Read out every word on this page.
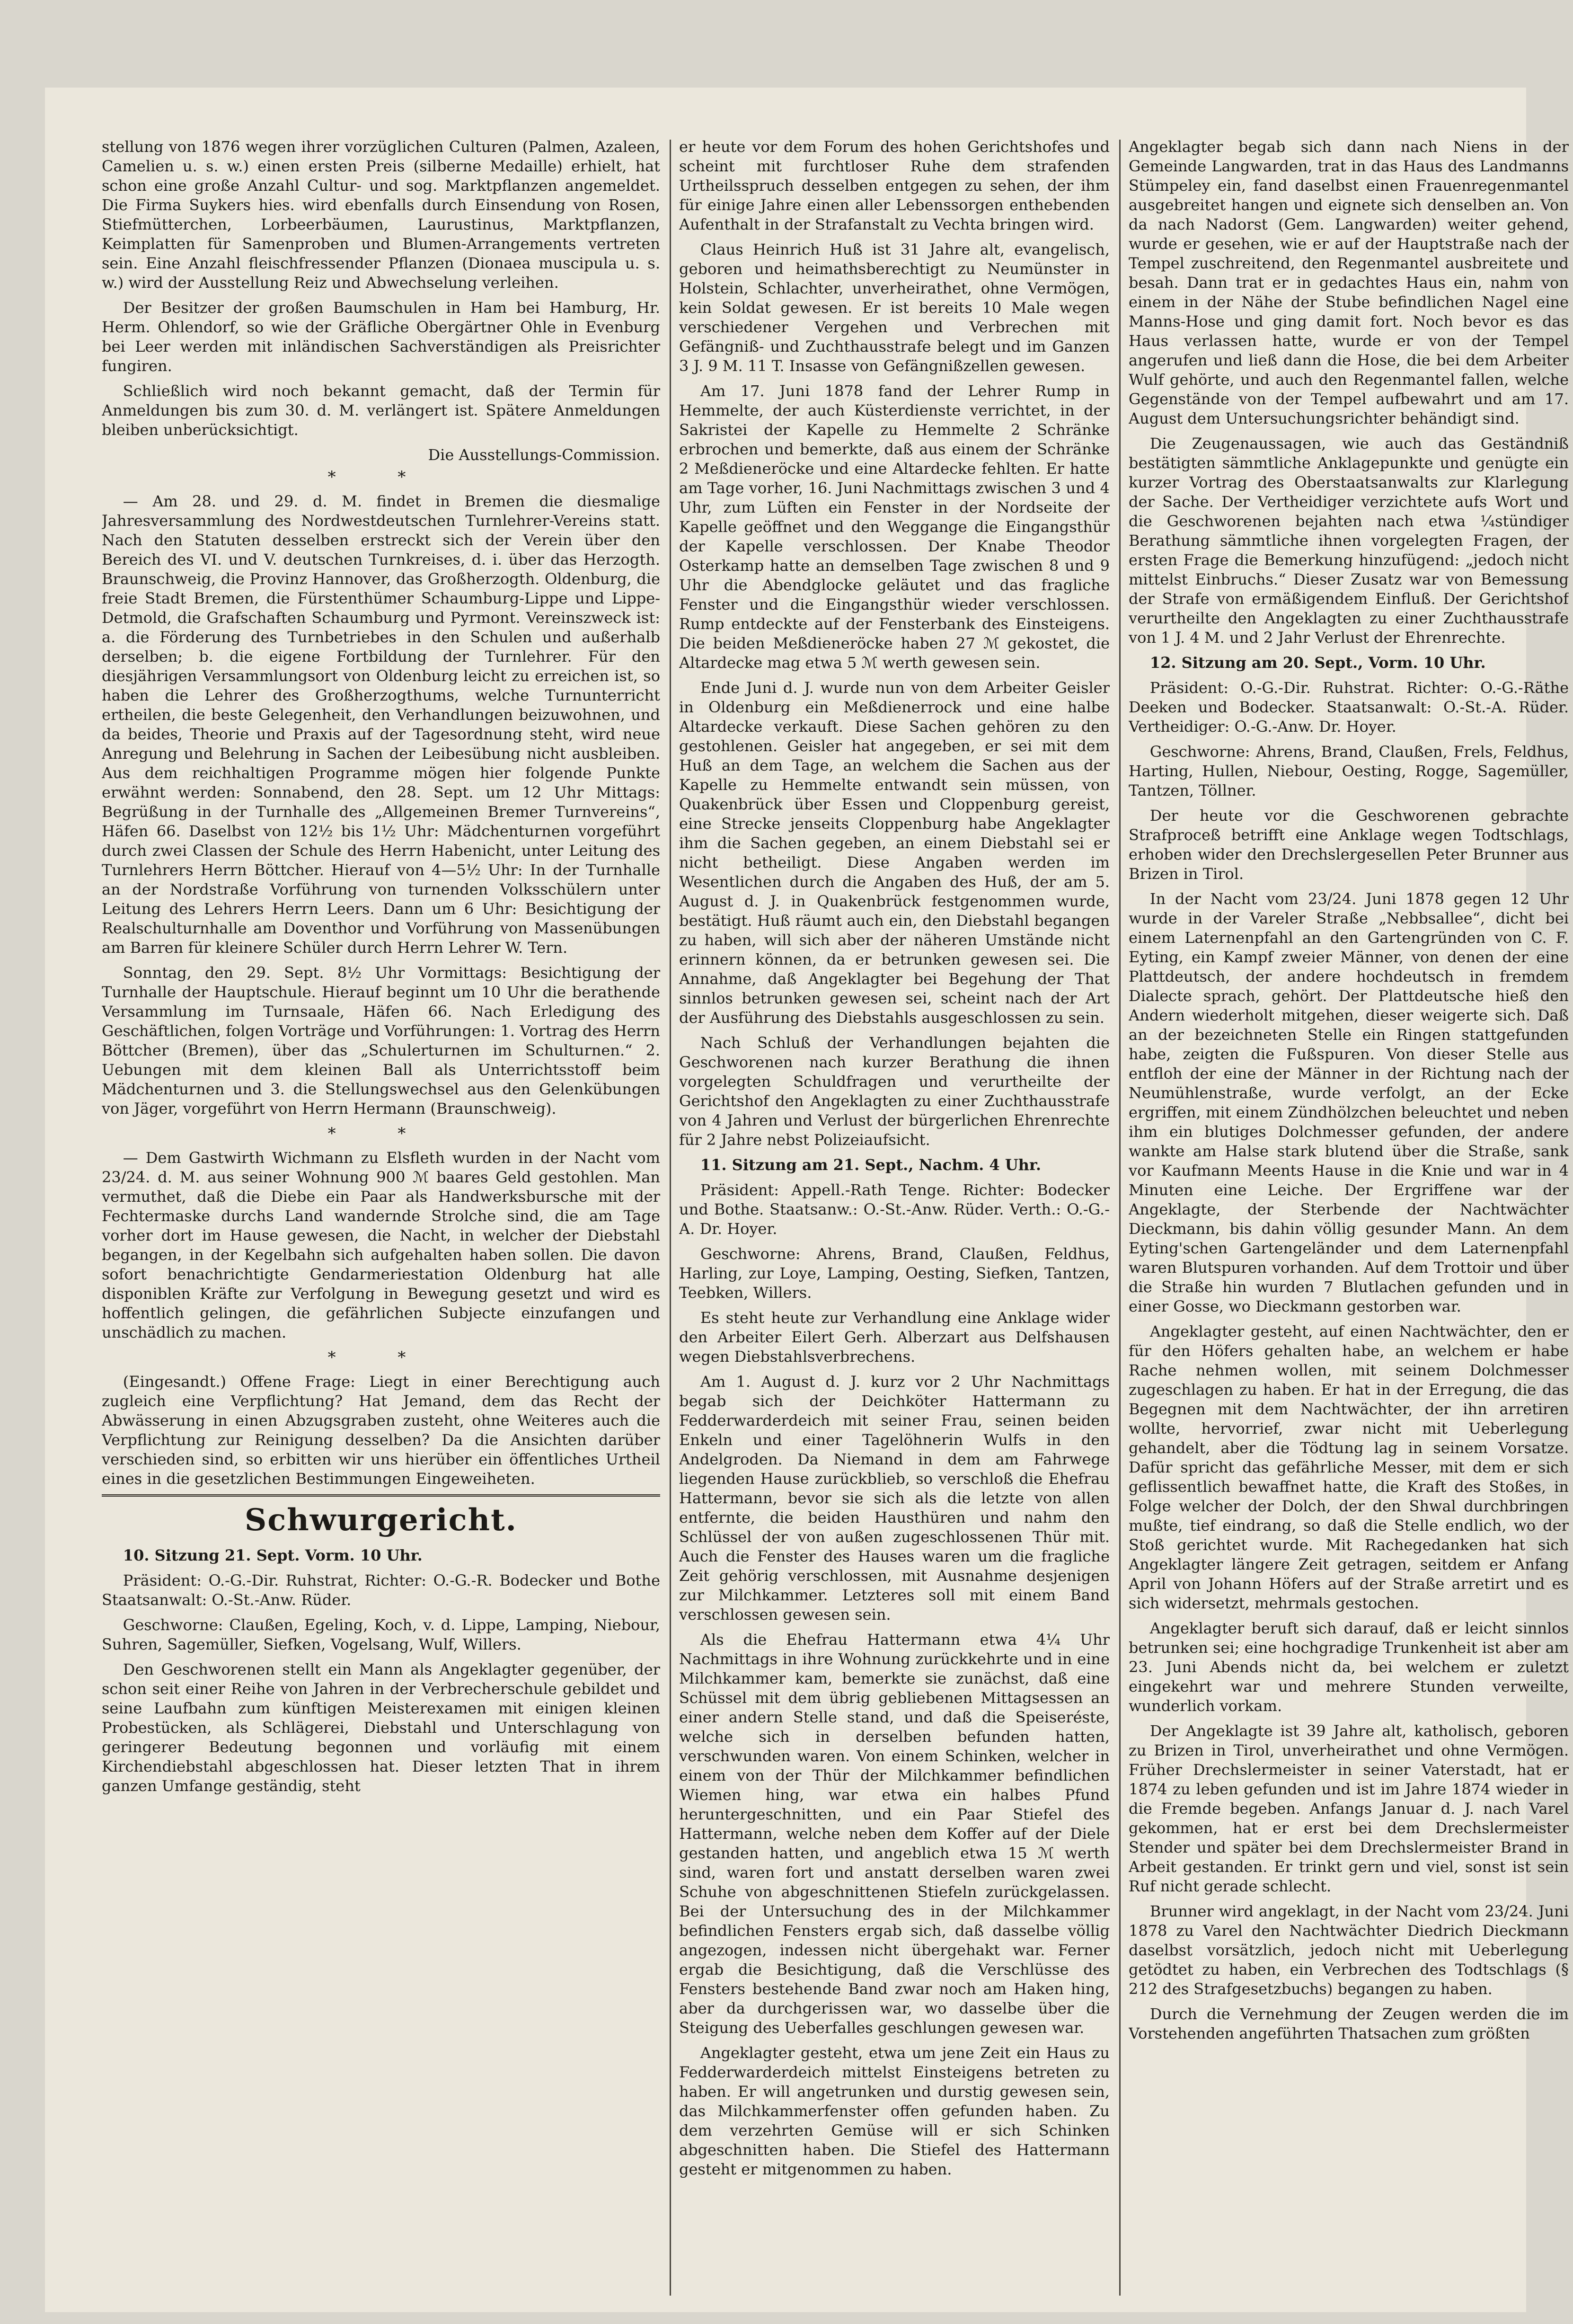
stellung von 1876 wegen ihrer vorzüglichen Culturen (Palmen, Azaleen, Camelien u. s. w.) einen ersten Preis (silberne Medaille) erhielt, hat schon eine große Anzahl Cultur- und sog. Marktpflanzen angemeldet. Die Firma Suykers hies. wird ebenfalls durch Einsendung von Rosen, Stiefmütterchen, Lorbeerbäumen, Laurustinus, Marktpflanzen, Keimplatten für Samenproben und Blumen-Arrangements vertreten sein. Eine Anzahl fleischfressender Pflanzen (Dionaea muscipula u. s. w.) wird der Ausstellung Reiz und Abwechselung verleihen.

Der Besitzer der großen Baumschulen in Ham bei Hamburg, Hr. Herm. Ohlendorf, so wie der Gräfliche Obergärtner Ohle in Evenburg bei Leer werden mit inländischen Sachverständigen als Preisrichter fungiren.

Schließlich wird noch bekannt gemacht, daß der Termin für Anmeldungen bis zum 30. d. M. verlängert ist. Spätere Anmeldungen bleiben unberücksichtigt.

Die Ausstellungs-Commission.
* *

— Am 28. und 29. d. M. findet in Bremen die diesmalige Jahresversammlung des Nordwestdeutschen Turnlehrer-Vereins statt. Nach den Statuten desselben erstreckt sich der Verein über den Bereich des VI. und V. deutschen Turnkreises, d. i. über das Herzogth. Braunschweig, die Provinz Hannover, das Großherzogth. Oldenburg, die freie Stadt Bremen, die Fürstenthümer Schaumburg-Lippe und Lippe-Detmold, die Grafschaften Schaumburg und Pyrmont. Vereinszweck ist: a. die Förderung des Turnbetriebes in den Schulen und außerhalb derselben; b. die eigene Fortbildung der Turnlehrer. Für den diesjährigen Versammlungsort von Oldenburg leicht zu erreichen ist, so haben die Lehrer des Großherzogthums, welche Turnunterricht ertheilen, die beste Gelegenheit, den Verhandlungen beizuwohnen, und da beides, Theorie und Praxis auf der Tagesordnung steht, wird neue Anregung und Belehrung in Sachen der Leibesübung nicht ausbleiben. Aus dem reichhaltigen Programme mögen hier folgende Punkte erwähnt werden: Sonnabend, den 28. Sept. um 12 Uhr Mittags: Begrüßung in der Turnhalle des „Allgemeinen Bremer Turnvereins“, Häfen 66. Daselbst von 12½ bis 1½ Uhr: Mädchenturnen vorgeführt durch zwei Classen der Schule des Herrn Habenicht, unter Leitung des Turnlehrers Herrn Böttcher. Hierauf von 4—5½ Uhr: In der Turnhalle an der Nordstraße Vorführung von turnenden Volksschülern unter Leitung des Lehrers Herrn Leers. Dann um 6 Uhr: Besichtigung der Realschulturnhalle am Doventhor und Vorführung von Massenübungen am Barren für kleinere Schüler durch Herrn Lehrer W. Tern.

Sonntag, den 29. Sept. 8½ Uhr Vormittags: Besichtigung der Turnhalle der Hauptschule. Hierauf beginnt um 10 Uhr die berathende Versammlung im Turnsaale, Häfen 66. Nach Erledigung des Geschäftlichen, folgen Vorträge und Vorführungen: 1. Vortrag des Herrn Böttcher (Bremen), über das „Schulerturnen im Schulturnen.“ 2. Uebungen mit dem kleinen Ball als Unterrichtsstoff beim Mädchenturnen und 3. die Stellungswechsel aus den Gelenkübungen von Jäger, vorgeführt von Herrn Hermann (Braunschweig).

* *

— Dem Gastwirth Wichmann zu Elsfleth wurden in der Nacht vom 23/24. d. M. aus seiner Wohnung 900 ℳ baares Geld gestohlen. Man vermuthet, daß die Diebe ein Paar als Handwerksbursche mit der Fechtermaske durchs Land wandernde Strolche sind, die am Tage vorher dort im Hause gewesen, die Nacht, in welcher der Diebstahl begangen, in der Kegelbahn sich aufgehalten haben sollen. Die davon sofort benachrichtigte Gendarmeriestation Oldenburg hat alle disponiblen Kräfte zur Verfolgung in Bewegung gesetzt und wird es hoffentlich gelingen, die gefährlichen Subjecte einzufangen und unschädlich zu machen.

* *

(Eingesandt.) Offene Frage: Liegt in einer Berechtigung auch zugleich eine Verpflichtung? Hat Jemand, dem das Recht der Abwässerung in einen Abzugsgraben zusteht, ohne Weiteres auch die Verpflichtung zur Reinigung desselben? Da die Ansichten darüber verschieden sind, so erbitten wir uns hierüber ein öffentliches Urtheil eines in die gesetzlichen Bestimmungen Eingeweiheten.

Schwurgericht.

10. Sitzung 21. Sept. Vorm. 10 Uhr.

Präsident: O.-G.-Dir. Ruhstrat, Richter: O.-G.-R. Bodecker und Bothe Staatsanwalt: O.-St.-Anw. Rüder.

Geschworne: Claußen, Egeling, Koch, v. d. Lippe, Lamping, Niebour, Suhren, Sagemüller, Siefken, Vogelsang, Wulf, Willers.

Den Geschworenen stellt ein Mann als Angeklagter gegenüber, der schon seit einer Reihe von Jahren in der Verbrecherschule gebildet und seine Laufbahn zum künftigen Meisterexamen mit einigen kleinen Probestücken, als Schlägerei, Diebstahl und Unterschlagung von geringerer Bedeutung begonnen und vorläufig mit einem Kirchendiebstahl abgeschlossen hat. Dieser letzten That in ihrem ganzen Umfange geständig, steht

er heute vor dem Forum des hohen Gerichtshofes und scheint mit furchtloser Ruhe dem strafenden Urtheilsspruch desselben entgegen zu sehen, der ihm für einige Jahre einen aller Lebenssorgen enthebenden Aufenthalt in der Strafanstalt zu Vechta bringen wird.

Claus Heinrich Huß ist 31 Jahre alt, evangelisch, geboren und heimathsberechtigt zu Neumünster in Holstein, Schlachter, unverheirathet, ohne Vermögen, kein Soldat gewesen. Er ist bereits 10 Male wegen verschiedener Vergehen und Verbrechen mit Gefängniß- und Zuchthausstrafe belegt und im Ganzen 3 J. 9 M. 11 T. Insasse von Gefängnißzellen gewesen.

Am 17. Juni 1878 fand der Lehrer Rump in Hemmelte, der auch Küsterdienste verrichtet, in der Sakristei der Kapelle zu Hemmelte 2 Schränke erbrochen und bemerkte, daß aus einem der Schränke 2 Meßdieneröcke und eine Altardecke fehlten. Er hatte am Tage vorher, 16. Juni Nachmittags zwischen 3 und 4 Uhr, zum Lüften ein Fenster in der Nordseite der Kapelle geöffnet und den Weggange die Eingangsthür der Kapelle verschlossen. Der Knabe Theodor Osterkamp hatte an demselben Tage zwischen 8 und 9 Uhr die Abendglocke geläutet und das fragliche Fenster und die Eingangsthür wieder verschlossen. Rump entdeckte auf der Fensterbank des Einsteigens. Die beiden Meßdieneröcke haben 27 ℳ gekostet, die Altardecke mag etwa 5 ℳ werth gewesen sein.

Ende Juni d. J. wurde nun von dem Arbeiter Geisler in Oldenburg ein Meßdienerrock und eine halbe Altardecke verkauft. Diese Sachen gehören zu den gestohlenen. Geisler hat angegeben, er sei mit dem Huß an dem Tage, an welchem die Sachen aus der Kapelle zu Hemmelte entwandt sein müssen, von Quakenbrück über Essen und Cloppenburg gereist, eine Strecke jenseits Cloppenburg habe Angeklagter ihm die Sachen gegeben, an einem Diebstahl sei er nicht betheiligt. Diese Angaben werden im Wesentlichen durch die Angaben des Huß, der am 5. August d. J. in Quakenbrück festgenommen wurde, bestätigt. Huß räumt auch ein, den Diebstahl begangen zu haben, will sich aber der näheren Umstände nicht erinnern können, da er betrunken gewesen sei. Die Annahme, daß Angeklagter bei Begehung der That sinnlos betrunken gewesen sei, scheint nach der Art der Ausführung des Diebstahls ausgeschlossen zu sein.

Nach Schluß der Verhandlungen bejahten die Geschworenen nach kurzer Berathung die ihnen vorgelegten Schuldfragen und verurtheilte der Gerichtshof den Angeklagten zu einer Zuchthausstrafe von 4 Jahren und Verlust der bürgerlichen Ehrenrechte für 2 Jahre nebst Polizeiaufsicht.

11. Sitzung am 21. Sept., Nachm. 4 Uhr.

Präsident: Appell.-Rath Tenge. Richter: Bodecker und Bothe. Staatsanw.: O.-St.-Anw. Rüder. Verth.: O.-G.-A. Dr. Hoyer.

Geschworne: Ahrens, Brand, Claußen, Feldhus, Harling, zur Loye, Lamping, Oesting, Siefken, Tantzen, Teebken, Willers.

Es steht heute zur Verhandlung eine Anklage wider den Arbeiter Eilert Gerh. Alberzart aus Delfshausen wegen Diebstahlsverbrechens.

Am 1. August d. J. kurz vor 2 Uhr Nachmittags begab sich der Deichköter Hattermann zu Fedderwarderdeich mit seiner Frau, seinen beiden Enkeln und einer Tagelöhnerin Wulfs in den Andelgroden. Da Niemand in dem am Fahrwege liegenden Hause zurückblieb, so verschloß die Ehefrau Hattermann, bevor sie sich als die letzte von allen entfernte, die beiden Hausthüren und nahm den Schlüssel der von außen zugeschlossenen Thür mit. Auch die Fenster des Hauses waren um die fragliche Zeit gehörig verschlossen, mit Ausnahme desjenigen zur Milchkammer. Letzteres soll mit einem Band verschlossen gewesen sein.

Als die Ehefrau Hattermann etwa 4¼ Uhr Nachmittags in ihre Wohnung zurückkehrte und in eine Milchkammer kam, bemerkte sie zunächst, daß eine Schüssel mit dem übrig gebliebenen Mittagsessen an einer andern Stelle stand, und daß die Speiseréste, welche sich in derselben befunden hatten, verschwunden waren. Von einem Schinken, welcher in einem von der Thür der Milchkammer befindlichen Wiemen hing, war etwa ein halbes Pfund heruntergeschnitten, und ein Paar Stiefel des Hattermann, welche neben dem Koffer auf der Diele gestanden hatten, und angeblich etwa 15 ℳ werth sind, waren fort und anstatt derselben waren zwei Schuhe von abgeschnittenen Stiefeln zurückgelassen. Bei der Untersuchung des in der Milchkammer befindlichen Fensters ergab sich, daß dasselbe völlig angezogen, indessen nicht übergehakt war. Ferner ergab die Besichtigung, daß die Verschlüsse des Fensters bestehende Band zwar noch am Haken hing, aber da durchgerissen war, wo dasselbe über die Steigung des Ueberfalles geschlungen gewesen war.

Angeklagter gesteht, etwa um jene Zeit ein Haus zu Fedderwarderdeich mittelst Einsteigens betreten zu haben. Er will angetrunken und durstig gewesen sein, das Milchkammerfenster offen gefunden haben. Zu dem verzehrten Gemüse will er sich Schinken abgeschnitten haben. Die Stiefel des Hattermann gesteht er mitgenommen zu haben.

Angeklagter begab sich dann nach Niens in der Gemeinde Langwarden, trat in das Haus des Landmanns Stümpeley ein, fand daselbst einen Frauenregenmantel ausgebreitet hangen und eignete sich denselben an. Von da nach Nadorst (Gem. Langwarden) weiter gehend, wurde er gesehen, wie er auf der Hauptstraße nach der Tempel zuschreitend, den Regenmantel ausbreitete und besah. Dann trat er in gedachtes Haus ein, nahm von einem in der Nähe der Stube befindlichen Nagel eine Manns-Hose und ging damit fort. Noch bevor es das Haus verlassen hatte, wurde er von der Tempel angerufen und ließ dann die Hose, die bei dem Arbeiter Wulf gehörte, und auch den Regenmantel fallen, welche Gegenstände von der Tempel aufbewahrt und am 17. August dem Untersuchungsrichter behändigt sind.

Die Zeugenaussagen, wie auch das Geständniß bestätigten sämmtliche Anklagepunkte und genügte ein kurzer Vortrag des Oberstaatsanwalts zur Klarlegung der Sache. Der Vertheidiger verzichtete aufs Wort und die Geschworenen bejahten nach etwa ¼stündiger Berathung sämmtliche ihnen vorgelegten Fragen, der ersten Frage die Bemerkung hinzufügend: „jedoch nicht mittelst Einbruchs.“ Dieser Zusatz war von Bemessung der Strafe von ermäßigendem Einfluß. Der Gerichtshof verurtheilte den Angeklagten zu einer Zuchthausstrafe von 1 J. 4 M. und 2 Jahr Verlust der Ehrenrechte.

12. Sitzung am 20. Sept., Vorm. 10 Uhr.

Präsident: O.-G.-Dir. Ruhstrat. Richter: O.-G.-Räthe Deeken und Bodecker. Staatsanwalt: O.-St.-A. Rüder. Vertheidiger: O.-G.-Anw. Dr. Hoyer.

Geschworne: Ahrens, Brand, Claußen, Frels, Feldhus, Harting, Hullen, Niebour, Oesting, Rogge, Sagemüller, Tantzen, Töllner.

Der heute vor die Geschworenen gebrachte Strafproceß betrifft eine Anklage wegen Todtschlags, erhoben wider den Drechslergesellen Peter Brunner aus Brizen in Tirol.

In der Nacht vom 23/24. Juni 1878 gegen 12 Uhr wurde in der Vareler Straße „Nebbsallee“, dicht bei einem Laternenpfahl an den Gartengründen von C. F. Eyting, ein Kampf zweier Männer, von denen der eine Plattdeutsch, der andere hochdeutsch in fremdem Dialecte sprach, gehört. Der Plattdeutsche hieß den Andern wiederholt mitgehen, dieser weigerte sich. Daß an der bezeichneten Stelle ein Ringen stattgefunden habe, zeigten die Fußspuren. Von dieser Stelle aus entfloh der eine der Männer in der Richtung nach der Neumühlenstraße, wurde verfolgt, an der Ecke ergriffen, mit einem Zündhölzchen beleuchtet und neben ihm ein blutiges Dolchmesser gefunden, der andere wankte am Halse stark blutend über die Straße, sank vor Kaufmann Meents Hause in die Knie und war in 4 Minuten eine Leiche. Der Ergriffene war der Angeklagte, der Sterbende der Nachtwächter Dieckmann, bis dahin völlig gesunder Mann. An dem Eyting'schen Gartengeländer und dem Laternenpfahl waren Blutspuren vorhanden. Auf dem Trottoir und über die Straße hin wurden 7 Blutlachen gefunden und in einer Gosse, wo Dieckmann gestorben war.

Angeklagter gesteht, auf einen Nachtwächter, den er für den Höfers gehalten habe, an welchem er habe Rache nehmen wollen, mit seinem Dolchmesser zugeschlagen zu haben. Er hat in der Erregung, die das Begegnen mit dem Nachtwächter, der ihn arretiren wollte, hervorrief, zwar nicht mit Ueberlegung gehandelt, aber die Tödtung lag in seinem Vorsatze. Dafür spricht das gefährliche Messer, mit dem er sich geflissentlich bewaffnet hatte, die Kraft des Stoßes, in Folge welcher der Dolch, der den Shwal durchbringen mußte, tief eindrang, so daß die Stelle endlich, wo der Stoß gerichtet wurde. Mit Rachegedanken hat sich Angeklagter längere Zeit getragen, seitdem er Anfang April von Johann Höfers auf der Straße arretirt und es sich widersetzt, mehrmals gestochen.

Angeklagter beruft sich darauf, daß er leicht sinnlos betrunken sei; eine hochgradige Trunkenheit ist aber am 23. Juni Abends nicht da, bei welchem er zuletzt eingekehrt war und mehrere Stunden verweilte, wunderlich vorkam.

Der Angeklagte ist 39 Jahre alt, katholisch, geboren zu Brizen in Tirol, unverheirathet und ohne Vermögen. Früher Drechslermeister in seiner Vaterstadt, hat er 1874 zu leben gefunden und ist im Jahre 1874 wieder in die Fremde begeben. Anfangs Januar d. J. nach Varel gekommen, hat er erst bei dem Drechslermeister Stender und später bei dem Drechslermeister Brand in Arbeit gestanden. Er trinkt gern und viel, sonst ist sein Ruf nicht gerade schlecht.

Brunner wird angeklagt, in der Nacht vom 23/24. Juni 1878 zu Varel den Nachtwächter Diedrich Dieckmann daselbst vorsätzlich, jedoch nicht mit Ueberlegung getödtet zu haben, ein Verbrechen des Todtschlags (§ 212 des Strafgesetzbuchs) begangen zu haben.

Durch die Vernehmung der Zeugen werden die im Vorstehenden angeführten Thatsachen zum größten
